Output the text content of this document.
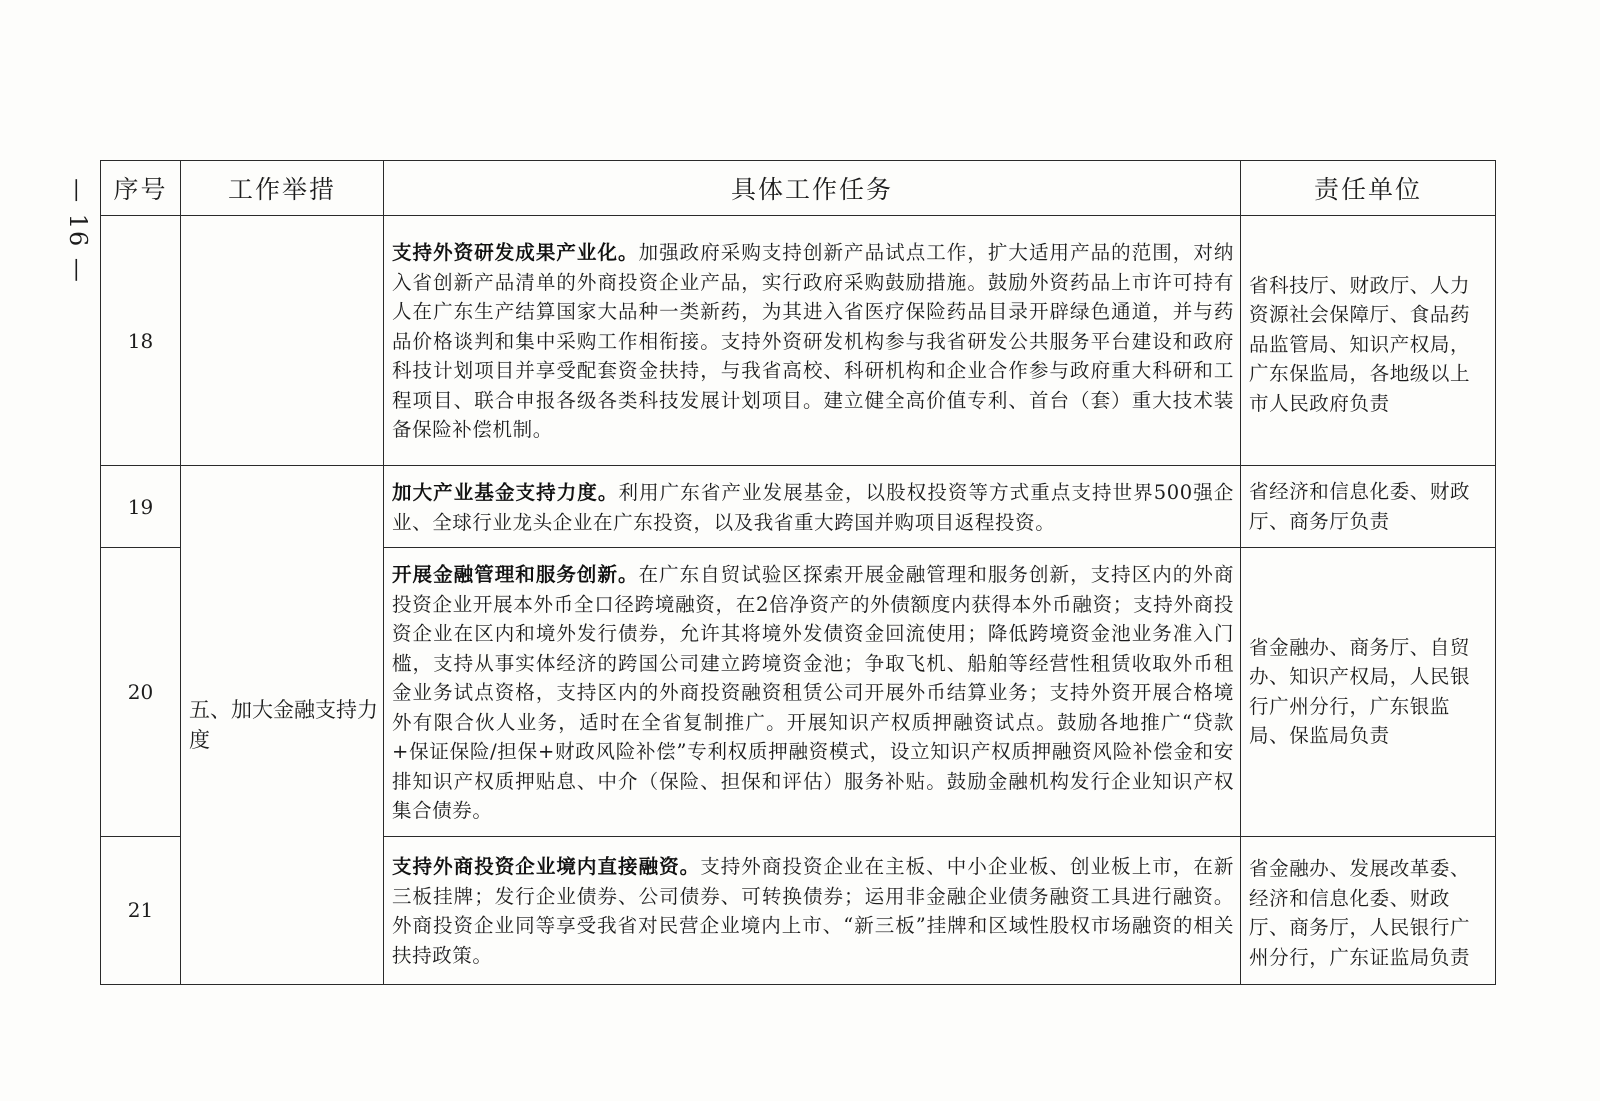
— 16 — 序号	工作举措	具体工作任务	责任单位
18		支持外资研发成果产业化。加强政府采购支持创新产品试点工作，扩大适用产品的范围，对纳入省创新产品清单的外商投资企业产品，实行政府采购鼓励措施。鼓励外资药品上市许可持有人在广东生产结算国家大品种一类新药，为其进入省医疗保险药品目录开辟绿色通道，并与药品价格谈判和集中采购工作相衔接。支持外资研发机构参与我省研发公共服务平台建设和政府科技计划项目并享受配套资金扶持，与我省高校、科研机构和企业合作参与政府重大科研和工程项目、联合申报各级各类科技发展计划项目。建立健全高价值专利、首台（套）重大技术装备保险补偿机制。	省科技厅、财政厅、人力资源社会保障厅、食品药品监管局、知识产权局，广东保监局，各地级以上市人民政府负责
19	五、加大金融支持力度	加大产业基金支持力度。利用广东省产业发展基金，以股权投资等方式重点支持世界500强企业、全球行业龙头企业在广东投资，以及我省重大跨国并购项目返程投资。	省经济和信息化委、财政厅、商务厅负责
20		开展金融管理和服务创新。在广东自贸试验区探索开展金融管理和服务创新，支持区内的外商投资企业开展本外币全口径跨境融资，在2倍净资产的外债额度内获得本外币融资；支持外商投资企业在区内和境外发行债券，允许其将境外发债资金回流使用；降低跨境资金池业务准入门槛，支持从事实体经济的跨国公司建立跨境资金池；争取飞机、船舶等经营性租赁收取外币租金业务试点资格，支持区内的外商投资融资租赁公司开展外币结算业务；支持外资开展合格境外有限合伙人业务，适时在全省复制推广。开展知识产权质押融资试点。鼓励各地推广“贷款+保证保险/担保+财政风险补偿”专利权质押融资模式，设立知识产权质押融资风险补偿金和安排知识产权质押贴息、中介（保险、担保和评估）服务补贴。鼓励金融机构发行企业知识产权集合债券。	省金融办、商务厅、自贸办、知识产权局，人民银行广州分行，广东银监局、保监局负责
21		支持外商投资企业境内直接融资。支持外商投资企业在主板、中小企业板、创业板上市，在新三板挂牌；发行企业债券、公司债券、可转换债券；运用非金融企业债务融资工具进行融资。外商投资企业同等享受我省对民营企业境内上市、“新三板”挂牌和区域性股权市场融资的相关扶持政策。	省金融办、发展改革委、经济和信息化委、财政厅、商务厅，人民银行广州分行，广东证监局负责
